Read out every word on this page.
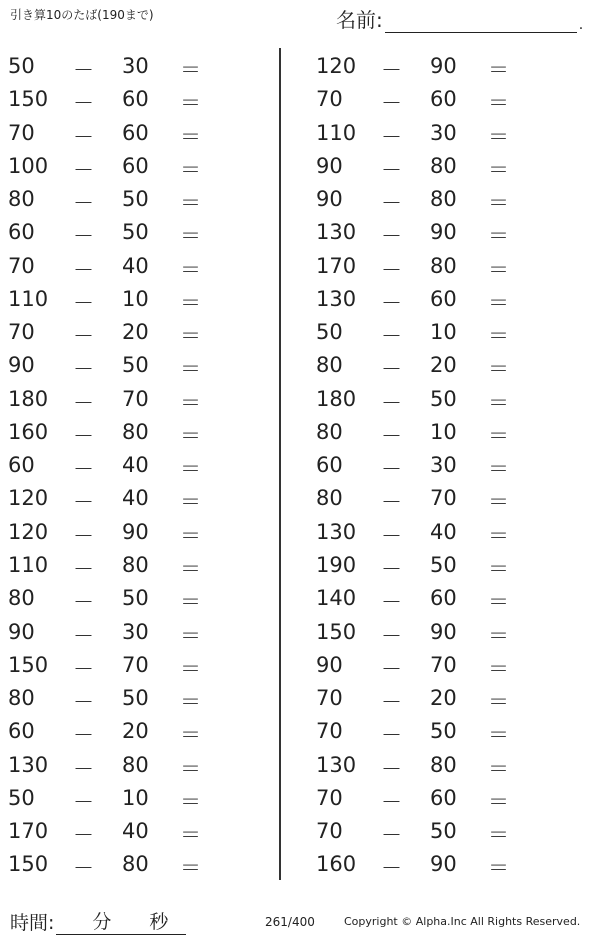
引き算10のたば(190まで)	名前:	.
50 － 30 ＝
150 － 60 ＝
70 － 60 ＝
100 － 60 ＝
80 － 50 ＝
60 － 50 ＝
70 － 40 ＝
110 － 10 ＝
70 － 20 ＝
90 － 50 ＝
180 － 70 ＝
160 － 80 ＝
60 － 40 ＝
120 － 40 ＝
120 － 90 ＝
110 － 80 ＝
80 － 50 ＝
90 － 30 ＝
150 － 70 ＝
80 － 50 ＝
60 － 20 ＝
130 － 80 ＝
50 － 10 ＝
170 － 40 ＝
150 － 80 ＝
120 － 90 ＝
70 － 60 ＝
110 － 30 ＝
90 － 80 ＝
90 － 80 ＝
130 － 90 ＝
170 － 80 ＝
130 － 60 ＝
50 － 10 ＝
80 － 20 ＝
180 － 50 ＝
80 － 10 ＝
60 － 30 ＝
80 － 70 ＝
130 － 40 ＝
190 － 50 ＝
140 － 60 ＝
150 － 90 ＝
90 － 70 ＝
70 － 20 ＝
70 － 50 ＝
130 － 80 ＝
70 － 60 ＝
70 － 50 ＝
160 － 90 ＝
時間: 分 秒	261/400	Copyright © Alpha.Inc All Rights Reserved.
